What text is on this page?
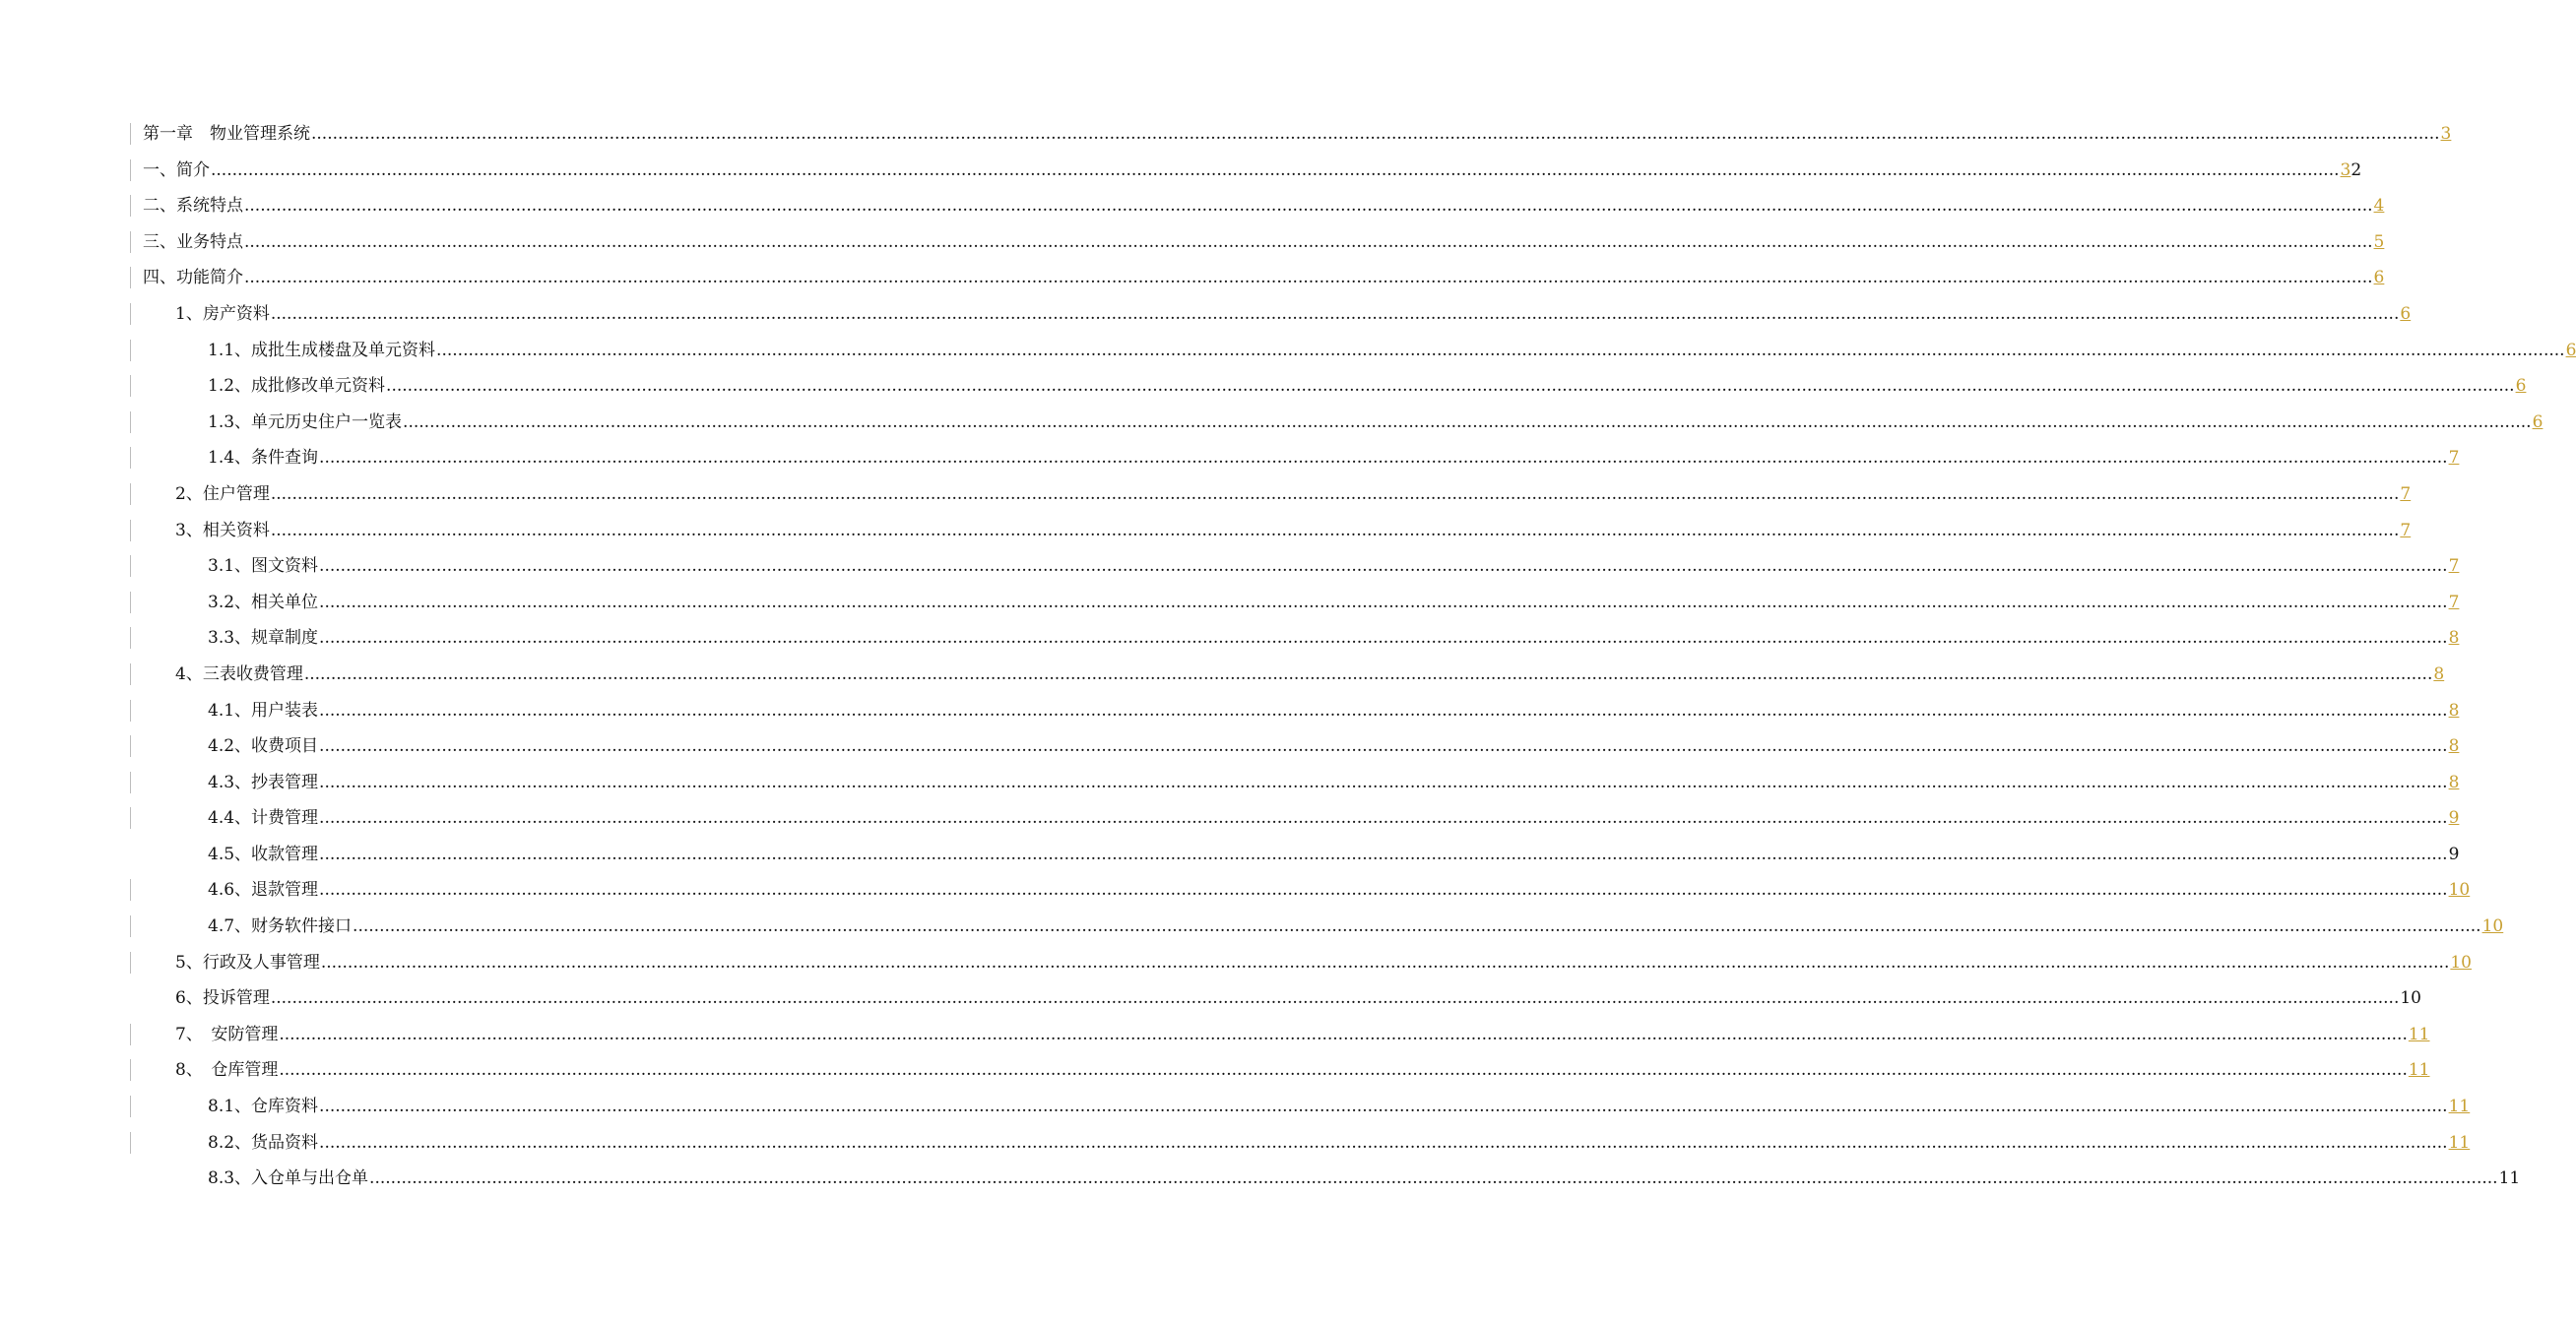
第一章　物业管理系统 ................................................................................................................................................................................................................................................................................................................................................................................................................ 3
一、简介 ................................................................................................................................................................................................................................................................................................................................................................................................................ 3 2
二、系统特点 ................................................................................................................................................................................................................................................................................................................................................................................................................ 4
三、业务特点 ................................................................................................................................................................................................................................................................................................................................................................................................................ 5
四、功能简介 ................................................................................................................................................................................................................................................................................................................................................................................................................ 6
1、房产资料 ................................................................................................................................................................................................................................................................................................................................................................................................................ 6
1.1、成批生成楼盘及单元资料 ................................................................................................................................................................................................................................................................................................................................................................................................................ 6
1.2、成批修改单元资料 ................................................................................................................................................................................................................................................................................................................................................................................................................ 6
1.3、单元历史住户一览表 ................................................................................................................................................................................................................................................................................................................................................................................................................ 6
1.4、条件查询 ................................................................................................................................................................................................................................................................................................................................................................................................................ 7
2、住户管理 ................................................................................................................................................................................................................................................................................................................................................................................................................ 7
3、相关资料 ................................................................................................................................................................................................................................................................................................................................................................................................................ 7
3.1、图文资料 ................................................................................................................................................................................................................................................................................................................................................................................................................ 7
3.2、相关单位 ................................................................................................................................................................................................................................................................................................................................................................................................................ 7
3.3、规章制度 ................................................................................................................................................................................................................................................................................................................................................................................................................ 8
4、三表收费管理 ................................................................................................................................................................................................................................................................................................................................................................................................................ 8
4.1、用户装表 ................................................................................................................................................................................................................................................................................................................................................................................................................ 8
4.2、收费项目 ................................................................................................................................................................................................................................................................................................................................................................................................................ 8
4.3、抄表管理 ................................................................................................................................................................................................................................................................................................................................................................................................................ 8
4.4、计费管理 ................................................................................................................................................................................................................................................................................................................................................................................................................ 9
4.5、收款管理 ................................................................................................................................................................................................................................................................................................................................................................................................................ 9
4.6、退款管理 ................................................................................................................................................................................................................................................................................................................................................................................................................ 10
4.7、财务软件接口 ................................................................................................................................................................................................................................................................................................................................................................................................................ 10
5、行政及人事管理 ................................................................................................................................................................................................................................................................................................................................................................................................................ 10
6、投诉管理 ................................................................................................................................................................................................................................................................................................................................................................................................................ 10
7、　安防管理 ................................................................................................................................................................................................................................................................................................................................................................................................................ 11
8、　仓库管理 ................................................................................................................................................................................................................................................................................................................................................................................................................ 11
8.1、仓库资料 ................................................................................................................................................................................................................................................................................................................................................................................................................ 11
8.2、货品资料 ................................................................................................................................................................................................................................................................................................................................................................................................................ 11
8.3、入仓单与出仓单 ................................................................................................................................................................................................................................................................................................................................................................................................................ 11
